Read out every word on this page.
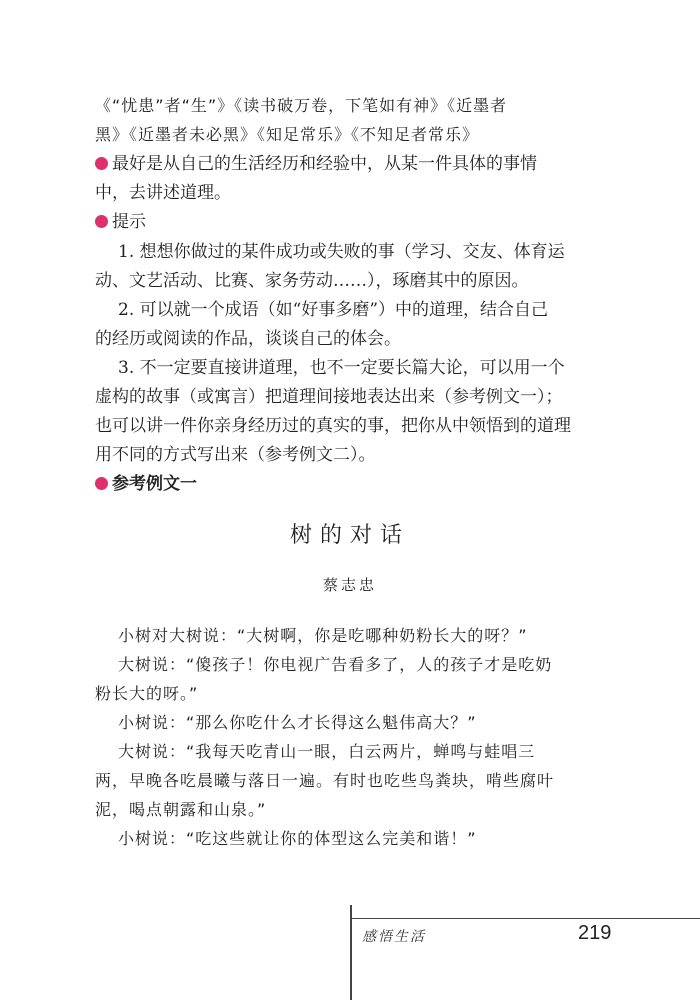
《“忧患”者“生”》《读书破万卷，下笔如有神》《近墨者
黑》《近墨者未必黑》《知足常乐》《不知足者常乐》
最好是从自己的生活经历和经验中，从某一件具体的事情
中，去讲述道理。
提示
1. 想想你做过的某件成功或失败的事（学习、交友、体育运
动、文艺活动、比赛、家务劳动……），琢磨其中的原因。
2. 可以就一个成语（如“好事多磨”）中的道理，结合自己
的经历或阅读的作品，谈谈自己的体会。
3. 不一定要直接讲道理，也不一定要长篇大论，可以用一个
虚构的故事（或寓言）把道理间接地表达出来（参考例文一）；
也可以讲一件你亲身经历过的真实的事，把你从中领悟到的道理
用不同的方式写出来（参考例文二）。
参考例文一
树的对话
蔡志忠
小树对大树说：“大树啊，你是吃哪种奶粉长大的呀？”
大树说：“傻孩子！你电视广告看多了，人的孩子才是吃奶
粉长大的呀。”
小树说：“那么你吃什么才长得这么魁伟高大？”
大树说：“我每天吃青山一眼，白云两片，蝉鸣与蛙唱三
两，早晚各吃晨曦与落日一遍。有时也吃些鸟粪块，啃些腐叶
泥，喝点朝露和山泉。”
小树说：“吃这些就让你的体型这么完美和谐！”
感悟生活	219
